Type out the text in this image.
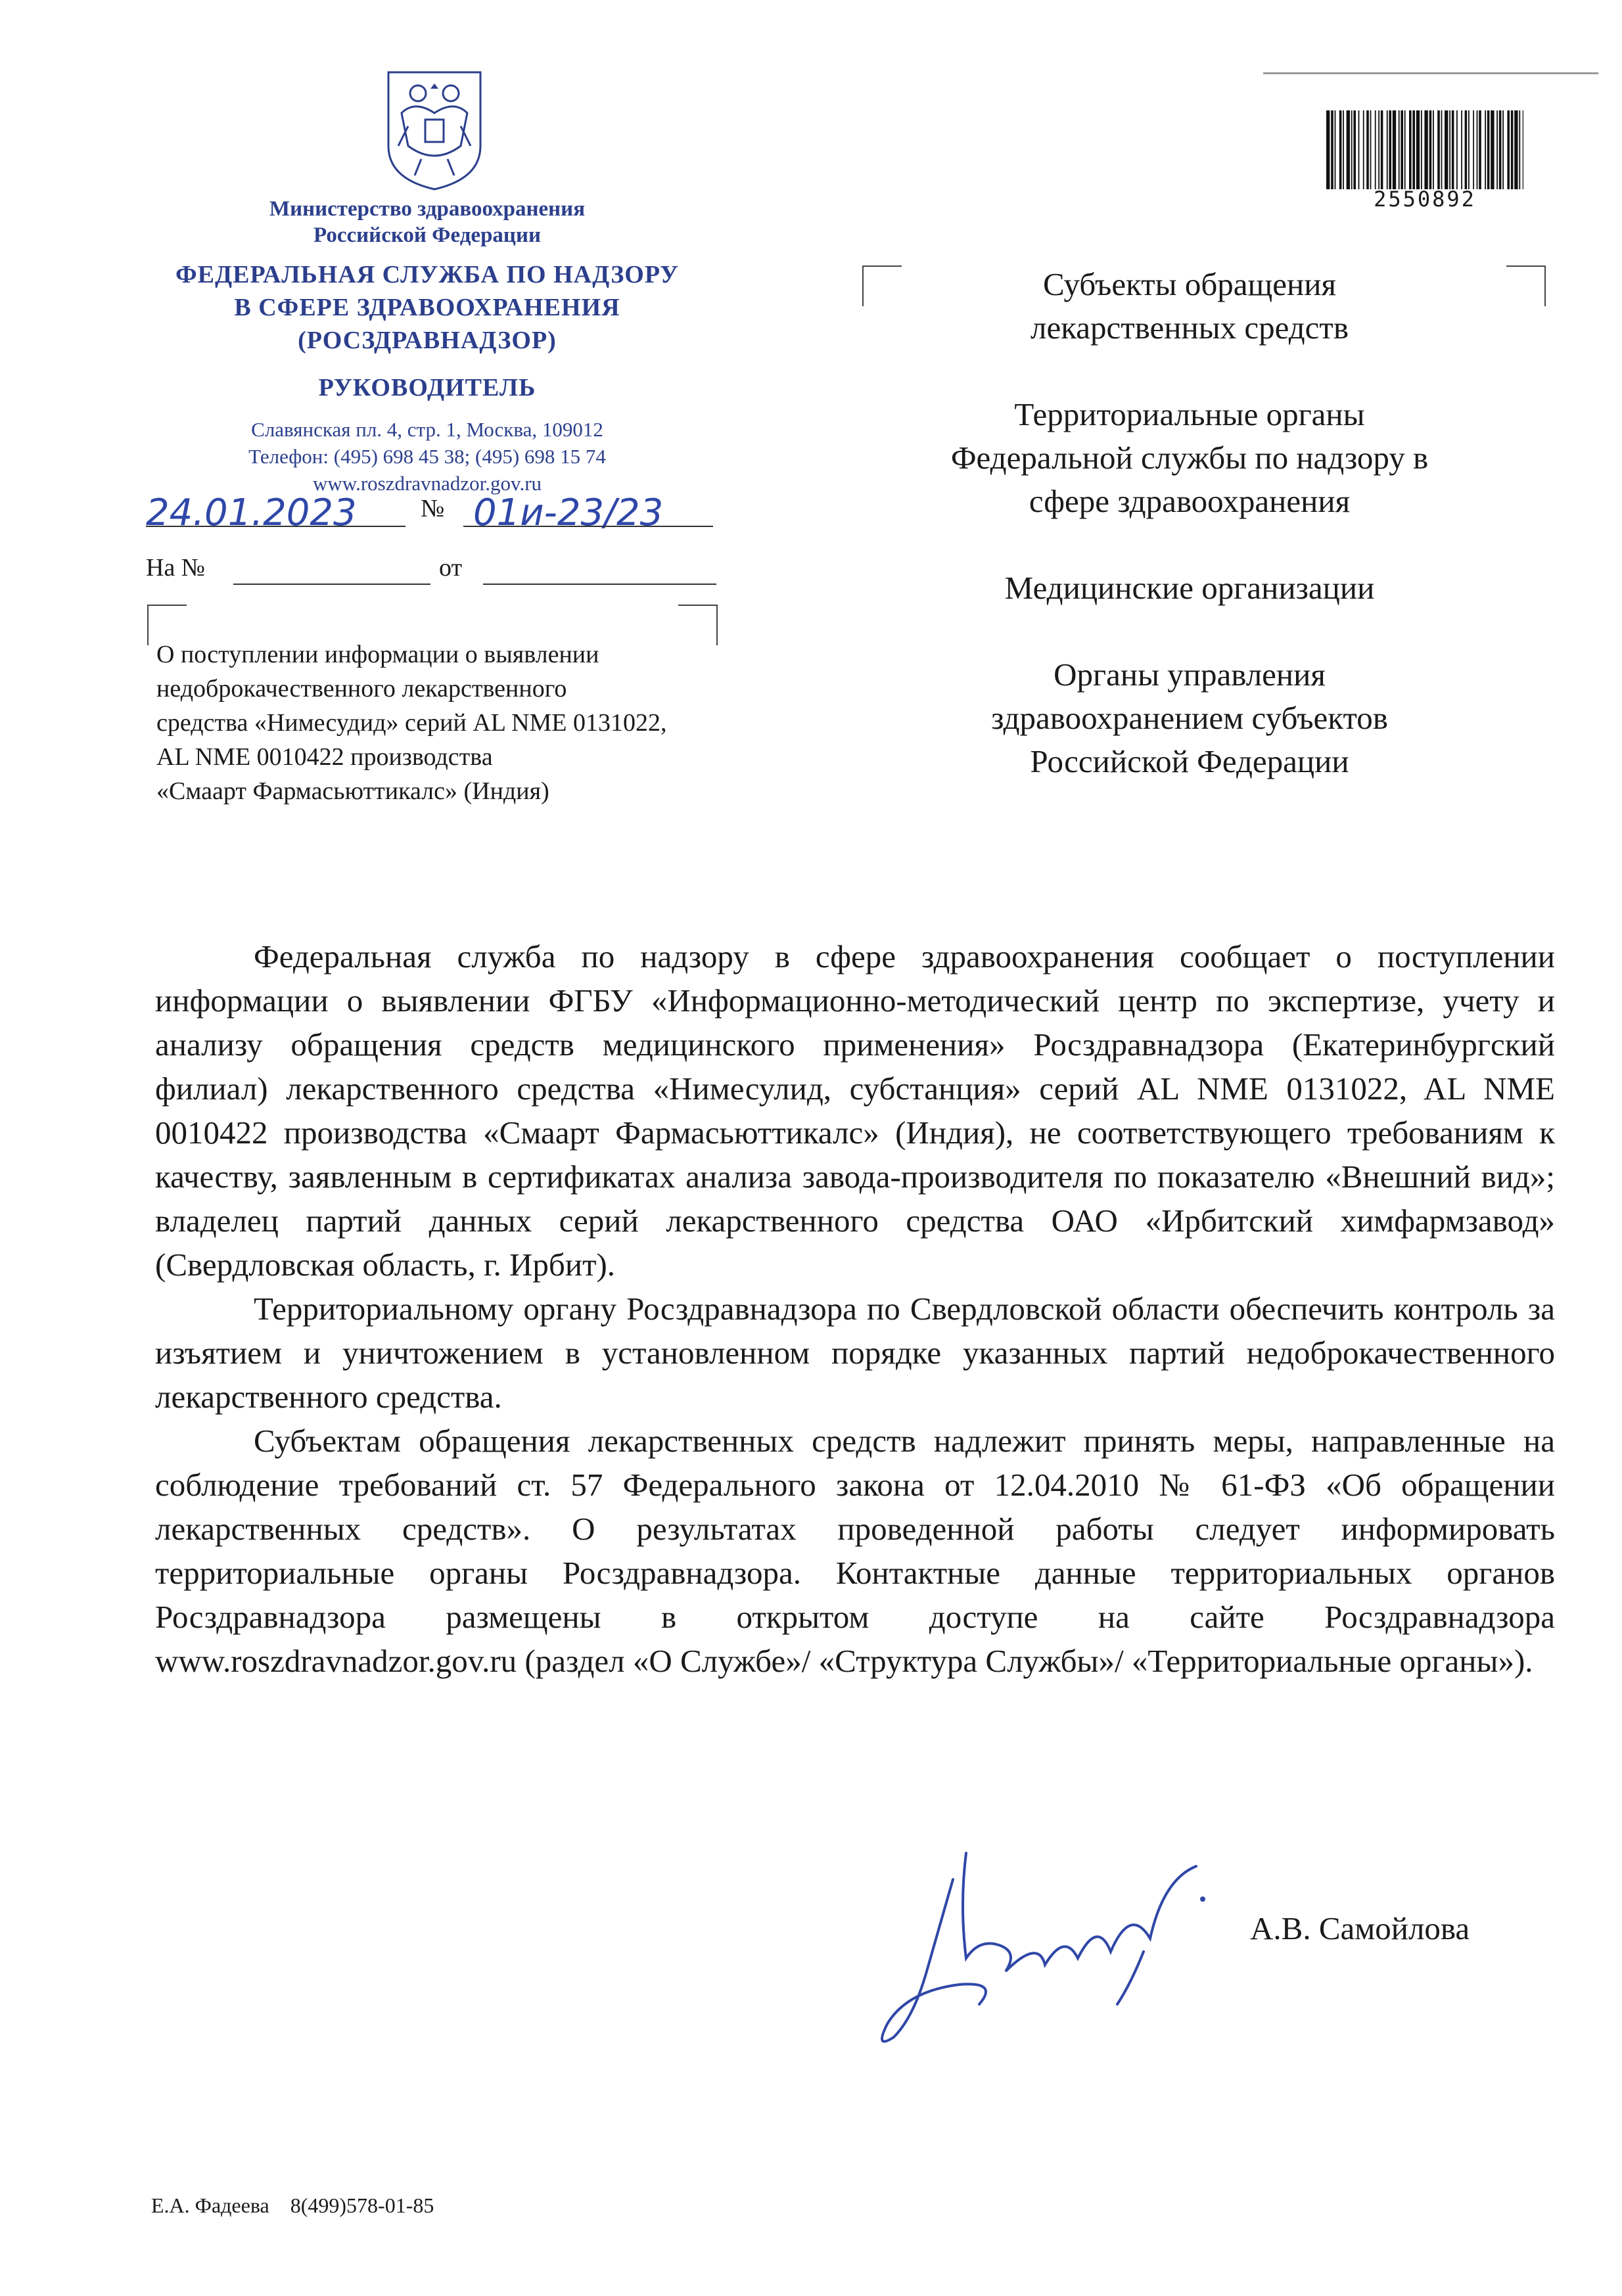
Министерство здравоохранения
Российской Федерации
ФЕДЕРАЛЬНАЯ СЛУЖБА ПО НАДЗОРУ
В СФЕРЕ ЗДРАВООХРАНЕНИЯ
(РОСЗДРАВНАДЗОР)
РУКОВОДИТЕЛЬ
Славянская пл. 4, стр. 1, Москва, 109012
Телефон: (495) 698 45 38; (495) 698 15 74
www.roszdravnadzor.gov.ru
24.01.2023	№ 01и-23/23
На №	от
О поступлении информации о выявлении
недоброкачественного лекарственного
средства «Нимесудид» серий AL NME 0131022,
AL NME 0010422 производства
«Смаарт Фармасьюттикалс» (Индия)
2550892

Субъекты обращения
лекарственных средств

Территориальные органы
Федеральной службы по надзору в
сфере здравоохранения

Медицинские организации

Органы управления
здравоохранением субъектов
Российской Федерации

Федеральная служба по надзору в сфере здравоохранения сообщает о поступлении информации о выявлении ФГБУ «Информационно-методический центр по экспертизе, учету и анализу обращения средств медицинского применения» Росздравнадзора (Екатеринбургский филиал) лекарственного средства «Нимесулид, субстанция» серий AL NME 0131022, AL NME 0010422 производства «Смаарт Фармасьюттикалс» (Индия), не соответствующего требованиям к качеству, заявленным в сертификатах анализа завода-производителя по показателю «Внешний вид»; владелец партий данных серий лекарственного средства ОАО «Ирбитский химфармзавод» (Свердловская область, г. Ирбит).

Территориальному органу Росздравнадзора по Свердловской области обеспечить контроль за изъятием и уничтожением в установленном порядке указанных партий недоброкачественного лекарственного средства.

Субъектам обращения лекарственных средств надлежит принять меры, направленные на соблюдение требований ст. 57 Федерального закона от 12.04.2010 № 61-ФЗ «Об обращении лекарственных средств». О результатах проведенной работы следует информировать территориальные органы Росздравнадзора. Контактные данные территориальных органов Росздравнадзора размещены в открытом доступе на сайте Росздравнадзора www.roszdravnadzor.gov.ru (раздел «О Службе»/ «Структура Службы»/ «Территориальные органы»).

А.В. Самойлова
Е.А. Фадеева 8(499)578-01-85
